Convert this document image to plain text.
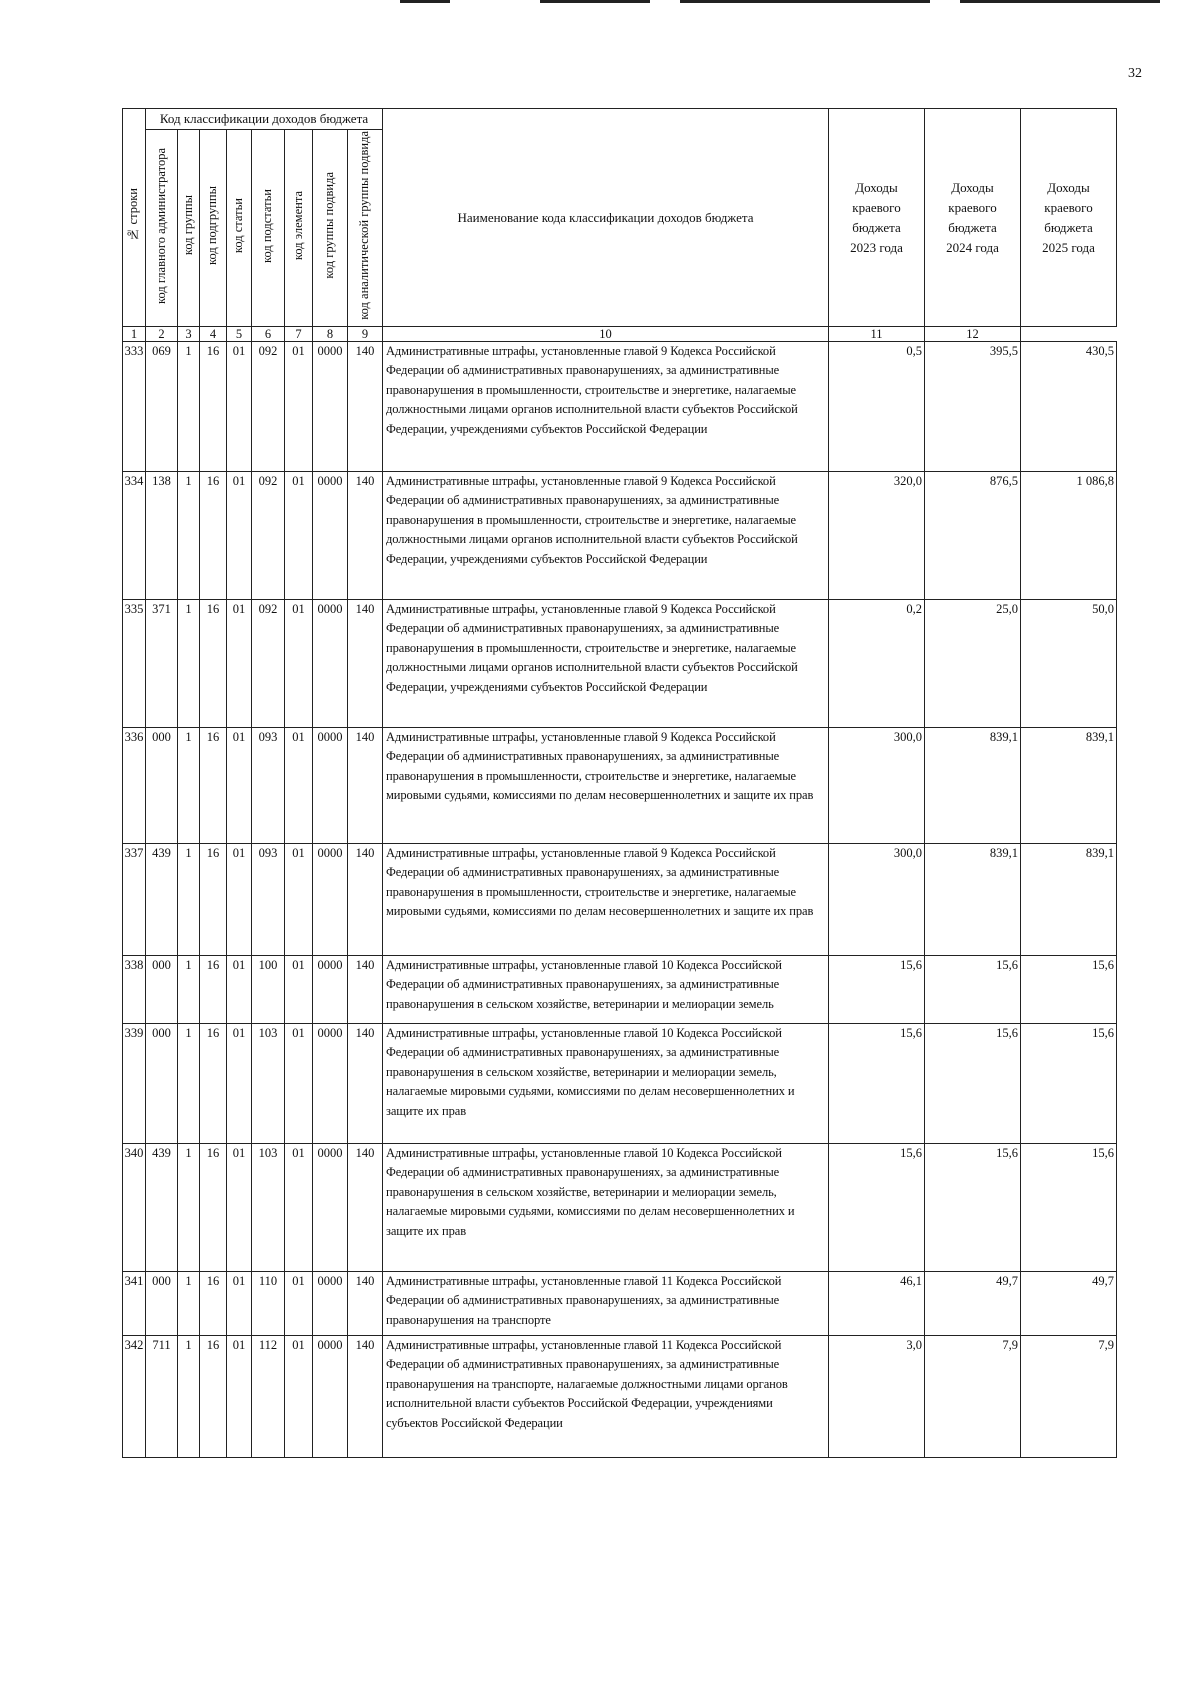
32
№ строки	Код классификации доходов бюджета								Наименование кода классификации доходов бюджета	Доходы краевого бюджета 2023 года	Доходы краевого бюджета 2024 года	Доходы краевого бюджета 2025 года

	код главного администратора	код группы	код подгруппы	код статьи	код подстатьи	код элемента	код группы подвида	код аналитической группы подвида				
1	2	3	4	5	6	7	8	9	10	11	12	
333	069	1	16	01	092	01	0000	140	Административные штрафы, установленные главой 9 Кодекса Российской Федерации об административных правонарушениях, за административные правонарушения в промышленности, строительстве и энергетике, налагаемые должностными лицами органов исполнительной власти субъектов Российской Федерации, учреждениями субъектов Российской Федерации	0,5	395,5	430,5
334	138	1	16	01	092	01	0000	140	Административные штрафы, установленные главой 9 Кодекса Российской Федерации об административных правонарушениях, за административные правонарушения в промышленности, строительстве и энергетике, налагаемые должностными лицами органов исполнительной власти субъектов Российской Федерации, учреждениями субъектов Российской Федерации	320,0	876,5	1 086,8
335	371	1	16	01	092	01	0000	140	Административные штрафы, установленные главой 9 Кодекса Российской Федерации об административных правонарушениях, за административные правонарушения в промышленности, строительстве и энергетике, налагаемые должностными лицами органов исполнительной власти субъектов Российской Федерации, учреждениями субъектов Российской Федерации	0,2	25,0	50,0
336	000	1	16	01	093	01	0000	140	Административные штрафы, установленные главой 9 Кодекса Российской Федерации об административных правонарушениях, за административные правонарушения в промышленности, строительстве и энергетике, налагаемые мировыми судьями, комиссиями по делам несовершеннолетних и защите их прав	300,0	839,1	839,1
337	439	1	16	01	093	01	0000	140	Административные штрафы, установленные главой 9 Кодекса Российской Федерации об административных правонарушениях, за административные правонарушения в промышленности, строительстве и энергетике, налагаемые мировыми судьями, комиссиями по делам несовершеннолетних и защите их прав	300,0	839,1	839,1
338	000	1	16	01	100	01	0000	140	Административные штрафы, установленные главой 10 Кодекса Российской Федерации об административных правонарушениях, за административные правонарушения в сельском хозяйстве, ветеринарии и мелиорации земель	15,6	15,6	15,6
339	000	1	16	01	103	01	0000	140	Административные штрафы, установленные главой 10 Кодекса Российской Федерации об административных правонарушениях, за административные правонарушения в сельском хозяйстве, ветеринарии и мелиорации земель, налагаемые мировыми судьями, комиссиями по делам несовершеннолетних и защите их прав	15,6	15,6	15,6
340	439	1	16	01	103	01	0000	140	Административные штрафы, установленные главой 10 Кодекса Российской Федерации об административных правонарушениях, за административные правонарушения в сельском хозяйстве, ветеринарии и мелиорации земель, налагаемые мировыми судьями, комиссиями по делам несовершеннолетних и защите их прав	15,6	15,6	15,6
341	000	1	16	01	110	01	0000	140	Административные штрафы, установленные главой 11 Кодекса Российской Федерации об административных правонарушениях, за административные правонарушения на транспорте	46,1	49,7	49,7
342	711	1	16	01	112	01	0000	140	Административные штрафы, установленные главой 11 Кодекса Российской Федерации об административных правонарушениях, за административные правонарушения на транспорте, налагаемые должностными лицами органов исполнительной власти субъектов Российской Федерации, учреждениями субъектов Российской Федерации	3,0	7,9	7,9
